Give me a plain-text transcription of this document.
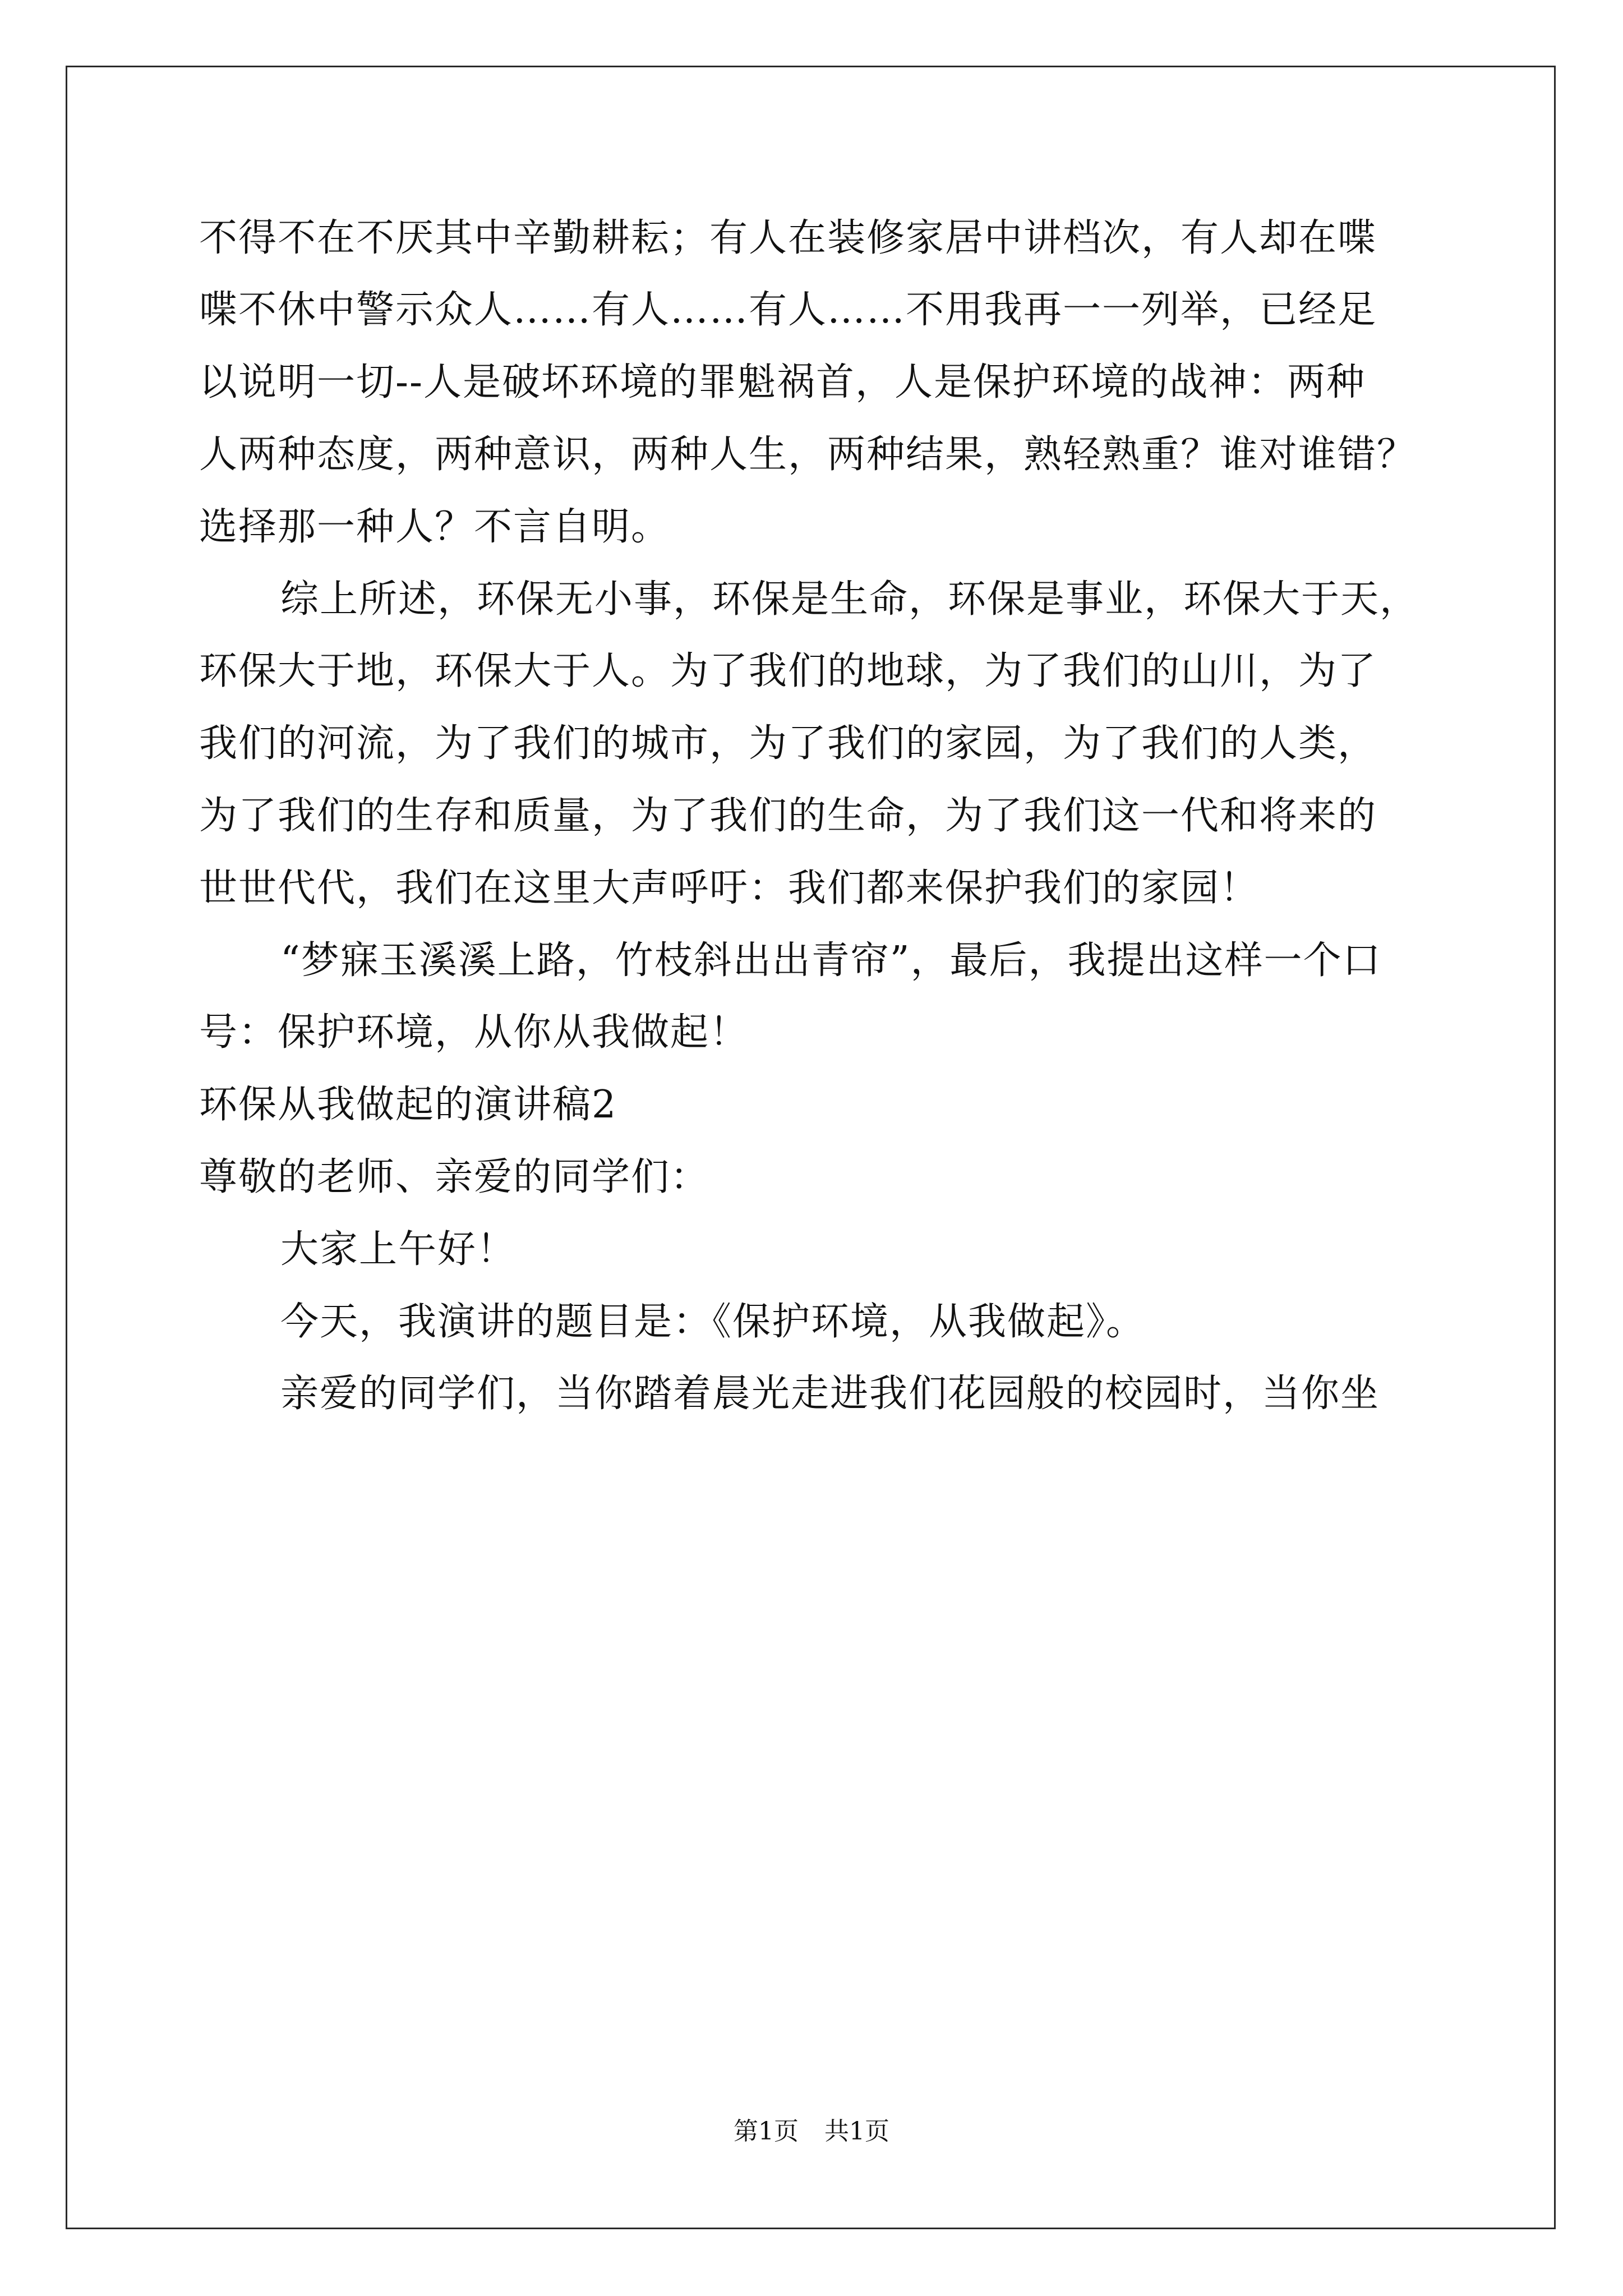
不得不在不厌其中辛勤耕耘；有人在装修家居中讲档次，有人却在喋
喋不休中警示众人……有人……有人……不用我再一一列举，已经足
以说明一切--人是破坏环境的罪魁祸首，人是保护环境的战神：两种
人两种态度，两种意识，两种人生，两种结果，熟轻熟重？谁对谁错？
选择那一种人？不言自明。
综上所述，环保无小事，环保是生命，环保是事业，环保大于天，
环保大于地，环保大于人。为了我们的地球，为了我们的山川，为了
我们的河流，为了我们的城市，为了我们的家园，为了我们的人类，
为了我们的生存和质量，为了我们的生命，为了我们这一代和将来的
世世代代，我们在这里大声呼吁：我们都来保护我们的家园！
“梦寐玉溪溪上路，竹枝斜出出青帘”，最后，我提出这样一个口
号：保护环境，从你从我做起！
环保从我做起的演讲稿2
尊敬的老师、亲爱的同学们：
大家上午好！
今天，我演讲的题目是：《保护环境，从我做起》。
亲爱的同学们，当你踏着晨光走进我们花园般的校园时，当你坐
第1页 共1页
